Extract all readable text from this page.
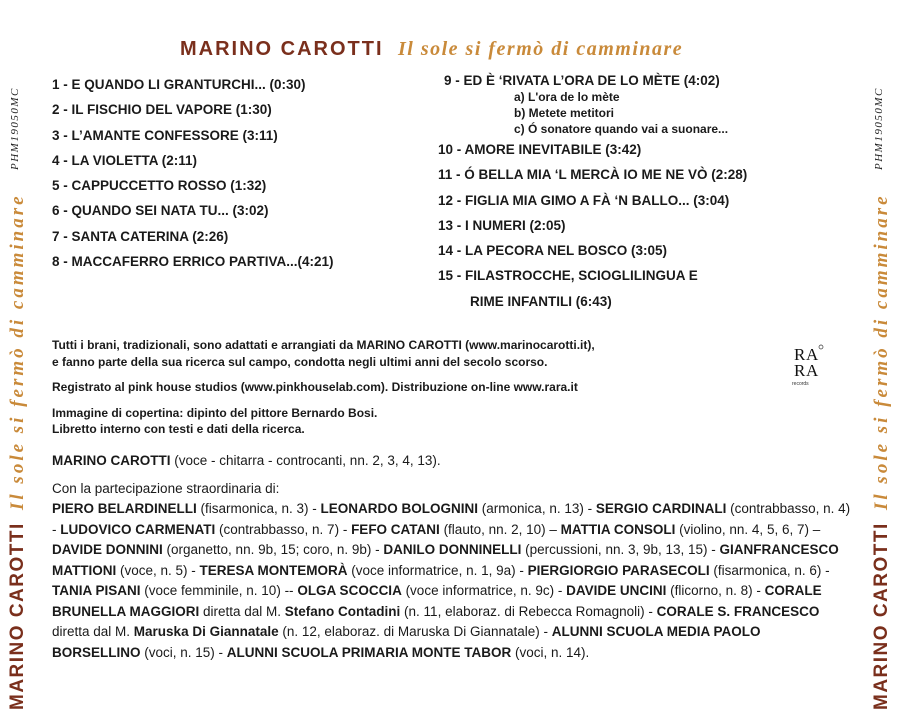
MARINO CAROTTI
Il sole si fermò di camminare
PHM19050MC
MARINO CAROTTI
Il sole si fermò di camminare
PHM19050MC
MARINO CAROTTI Il sole si fermò di camminare
1 - E QUANDO LI GRANTURCHI... (0:30)
2 - IL FISCHIO DEL VAPORE (1:30)
3 - L’AMANTE CONFESSORE (3:11)
4 - LA VIOLETTA (2:11)
5 - CAPPUCCETTO ROSSO (1:32)
6 - QUANDO SEI NATA TU... (3:02)
7 - SANTA CATERINA (2:26)
8 - MACCAFERRO ERRICO PARTIVA...(4:21)
9 - ED È ‘RIVATA L’ORA DE LO MÈTE (4:02)
a) L'ora de lo mète
b) Metete metitori
c) Ó sonatore quando vai a suonare...
10 - AMORE INEVITABILE (3:42)
11 - Ó BELLA MIA ‘L MERCÀ IO ME NE VÒ (2:28)
12 - FIGLIA MIA GIMO A FÀ ‘N BALLO... (3:04)
13 - I NUMERI (2:05)
14 - LA PECORA NEL BOSCO (3:05)
15 - FILASTROCCHE, SCIOGLILINGUA E
RIME INFANTILI (6:43)

Tutti i brani, tradizionali, sono adattati e arrangiati da MARINO CAROTTI (www.marinocarotti.it),

e fanno parte della sua ricerca sul campo, condotta negli ultimi anni del secolo scorso.

Registrato al pink house studios (www.pinkhouselab.com). Distribuzione on-line www.rara.it

Immagine di copertina: dipinto del pittore Bernardo Bosi.

Libretto interno con testi e dati della ricerca.

R A
R A
records

MARINO CAROTTI (voce - chitarra - controcanti, nn. 2, 3, 4, 13).

Con la partecipazione straordinaria di:

PIERO BELARDINELLI (fisarmonica, n. 3) - LEONARDO BOLOGNINI (armonica, n. 13) - SERGIO CARDINALI (contrabbasso, n. 4) - LUDOVICO CARMENATI (contrabbasso, n. 7) - FEFO CATANI (flauto, nn. 2, 10) – MATTIA CONSOLI (violino, nn. 4, 5, 6, 7) – DAVIDE DONNINI (organetto, nn. 9b, 15; coro, n. 9b) - DANILO DONNINELLI (percussioni, nn. 3, 9b, 13, 15) - GIANFRANCESCO MATTIONI (voce, n. 5) - TERESA MONTEMORÀ (voce informatrice, n. 1, 9a) - PIERGIORGIO PARASECOLI (fisarmonica, n. 6) - TANIA PISANI (voce femminile, n. 10) -- OLGA SCOCCIA (voce informatrice, n. 9c) - DAVIDE UNCINI (flicorno, n. 8) - CORALE BRUNELLA MAGGIORI diretta dal M. Stefano Contadini (n. 11, elaboraz. di Rebecca Romagnoli) - CORALE S. FRANCESCO diretta dal M. Maruska Di Giannatale (n. 12, elaboraz. di Maruska Di Giannatale) - ALUNNI SCUOLA MEDIA PAOLO BORSELLINO (voci, n. 15) - ALUNNI SCUOLA PRIMARIA MONTE TABOR (voci, n. 14).
